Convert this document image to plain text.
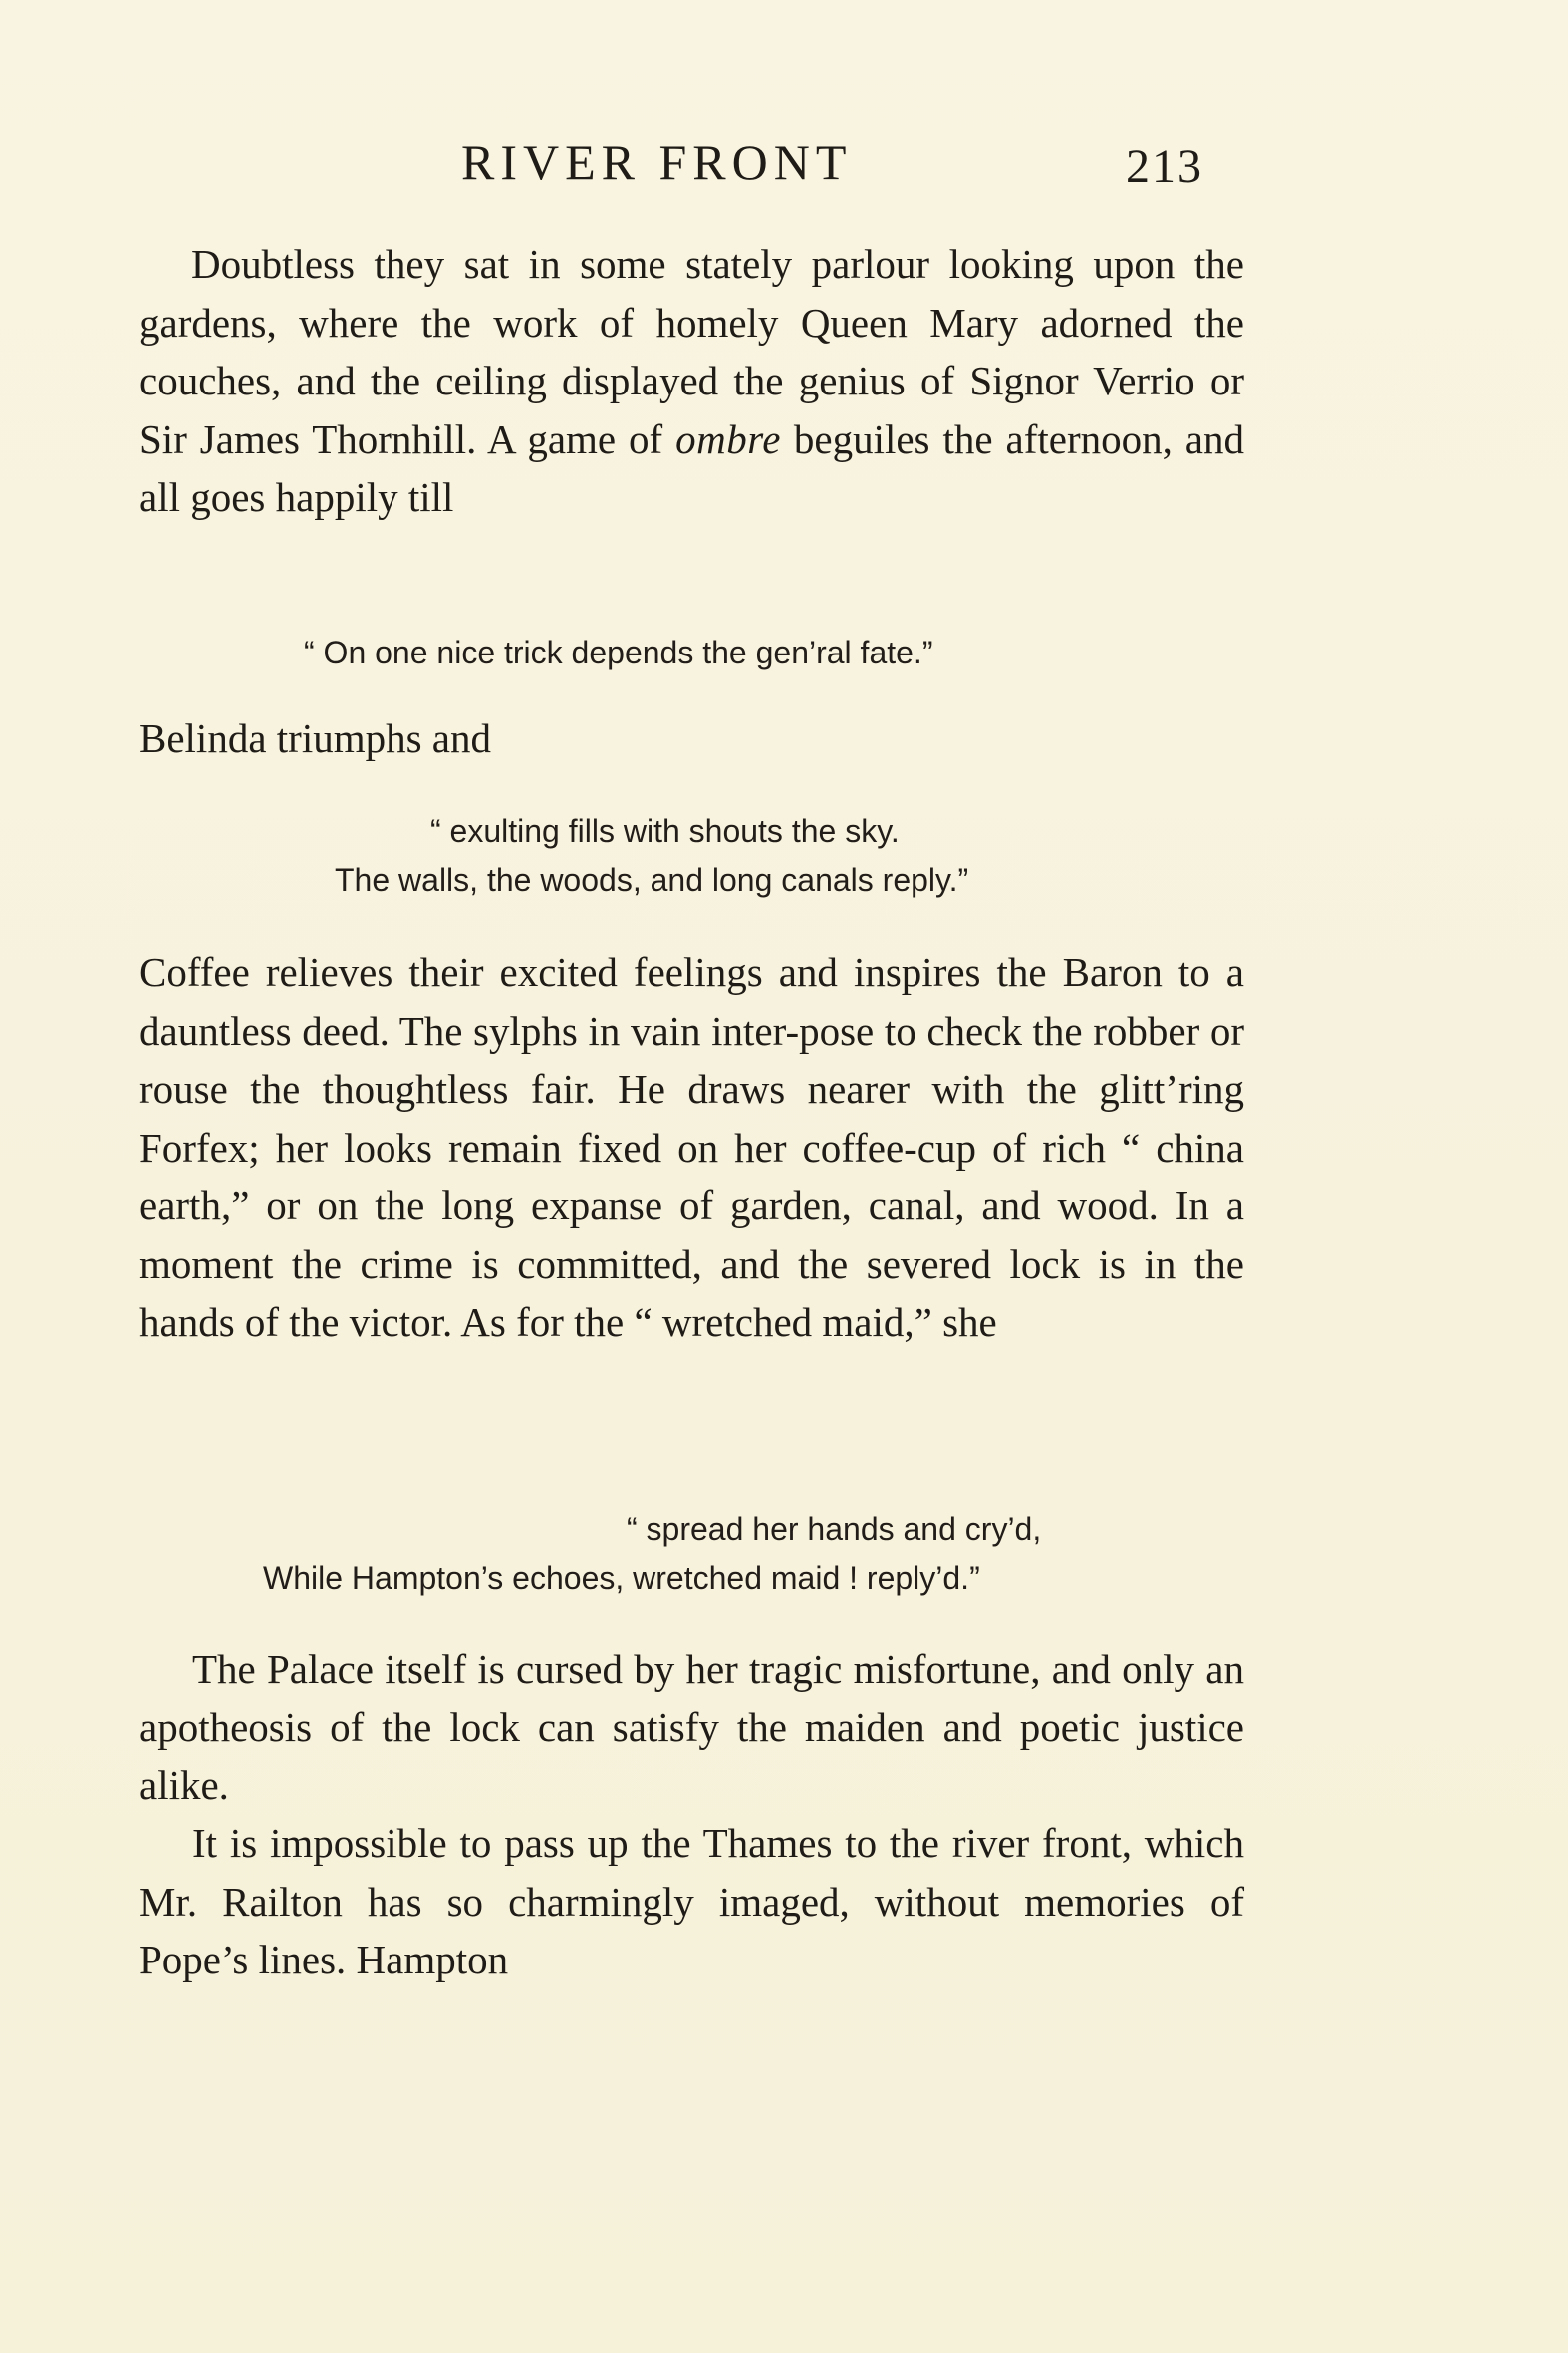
RIVER FRONT	213
Doubtless they sat in some stately parlour looking upon the gardens, where the work of homely Queen Mary adorned the couches, and the ceiling displayed the genius of Signor Verrio or Sir James Thornhill. A game of ombre beguiles the afternoon, and all goes happily till
“ On one nice trick depends the gen’ral fate.”
Belinda triumphs and
“ exulting fills with shouts the sky.
The walls, the woods, and long canals reply.”
Coffee relieves their excited feelings and inspires the Baron to a dauntless deed. The sylphs in vain inter-pose to check the robber or rouse the thoughtless fair. He draws nearer with the glitt’ring Forfex; her looks remain fixed on her coffee-cup of rich “ china earth,” or on the long expanse of garden, canal, and wood. In a moment the crime is committed, and the severed lock is in the hands of the victor. As for the “ wretched maid,” she
“ spread her hands and cry’d,
While Hampton’s echoes, wretched maid ! reply’d.”
The Palace itself is cursed by her tragic misfortune, and only an apotheosis of the lock can satisfy the maiden and poetic justice alike.
It is impossible to pass up the Thames to the river front, which Mr. Railton has so charmingly imaged, without memories of Pope’s lines. Hampton
